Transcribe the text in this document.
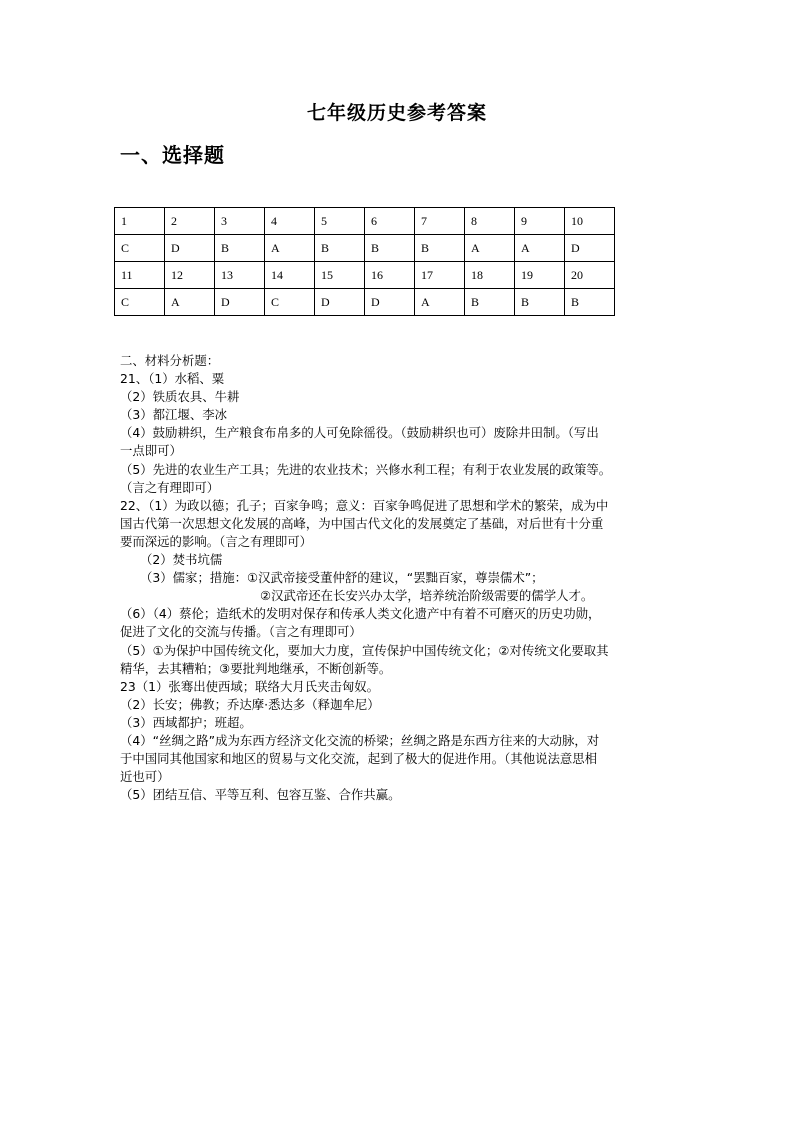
七年级历史参考答案
一、选择题
1	2	3	4	5	6	7	8	9	10
C	D	B	A	B	B	B	A	A	D
11	12	13	14	15	16	17	18	19	20
C	A	D	C	D	D	A	B	B	B
二、材料分析题：
21、（1）水稻、粟
（2）铁质农具、牛耕
（3）都江堰、李冰
（4）鼓励耕织，生产粮食布帛多的人可免除徭役。（鼓励耕织也可）废除井田制。（写出
一点即可）
（5）先进的农业生产工具；先进的农业技术；兴修水利工程；有利于农业发展的政策等。
（言之有理即可）
22、（1）为政以德；孔子；百家争鸣；意义：百家争鸣促进了思想和学术的繁荣，成为中
国古代第一次思想文化发展的高峰，为中国古代文化的发展奠定了基础，对后世有十分重
要而深远的影响。（言之有理即可）
（2）焚书坑儒
（3）儒家；措施：①汉武帝接受董仲舒的建议，“罢黜百家，尊崇儒术”；
②汉武帝还在长安兴办太学，培养统治阶级需要的儒学人才。
（6）（4）蔡伦；造纸术的发明对保存和传承人类文化遗产中有着不可磨灭的历史功勋，
促进了文化的交流与传播。（言之有理即可）
（5）①为保护中国传统文化，要加大力度，宣传保护中国传统文化；②对传统文化要取其
精华，去其糟粕；③要批判地继承，不断创新等。
23（1）张骞出使西域；联络大月氏夹击匈奴。
（2）长安；佛教；乔达摩·悉达多（释迦牟尼）
（3）西域都护；班超。
（4）“丝绸之路”成为东西方经济文化交流的桥梁；丝绸之路是东西方往来的大动脉，对
于中国同其他国家和地区的贸易与文化交流，起到了极大的促进作用。（其他说法意思相
近也可）
（5）团结互信、平等互利、包容互鉴、合作共赢。
